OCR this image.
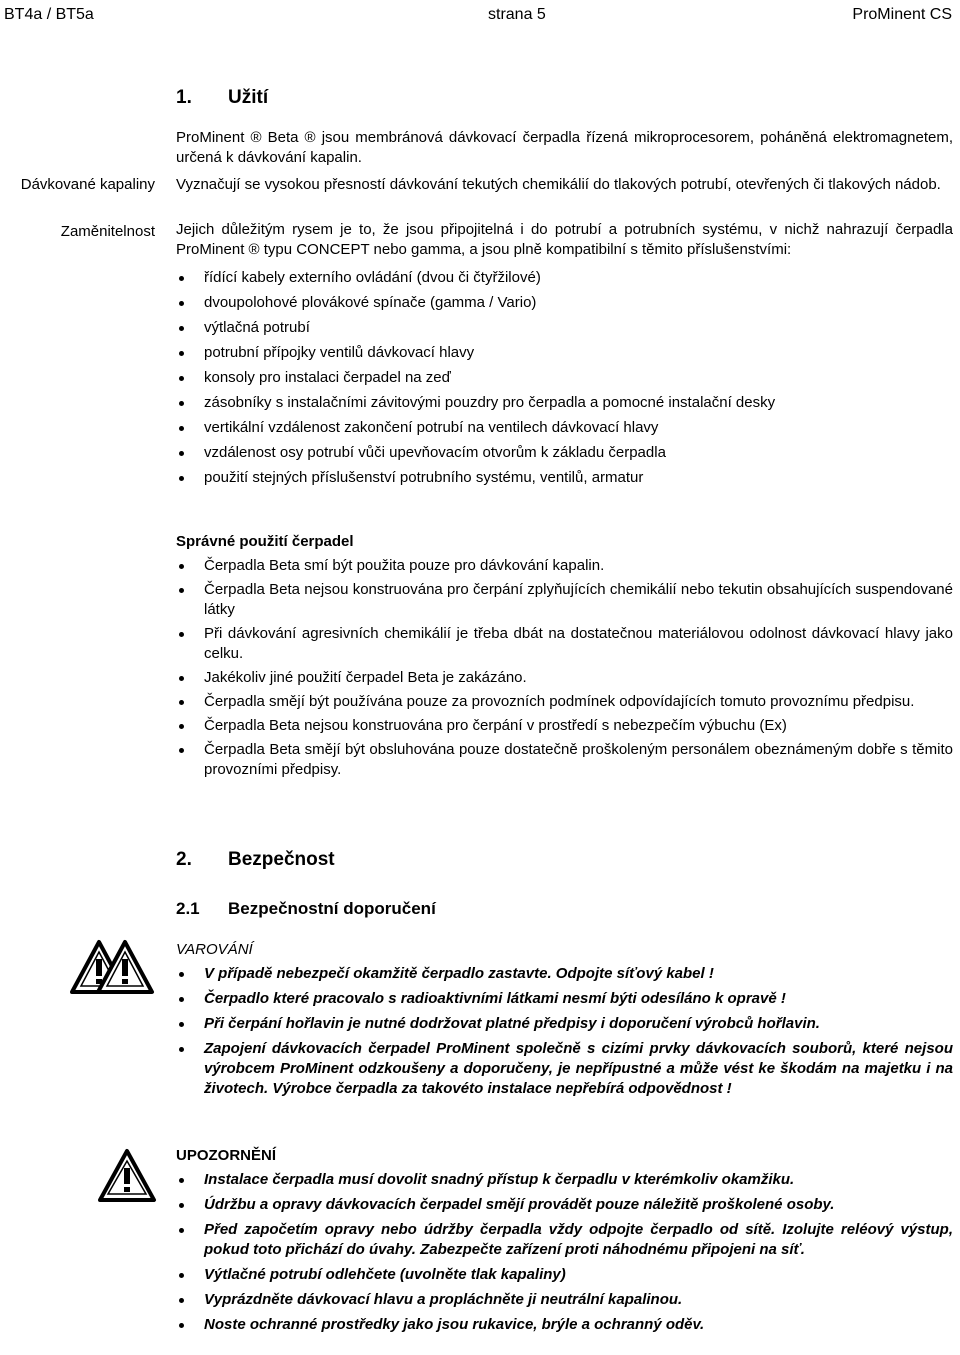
BT4a / BT5a	strana 5	ProMinent CS
1. Užití
ProMinent ® Beta ® jsou membránová dávkovací čerpadla řízená mikroprocesorem, poháněná elektromagnetem, určená k dávkování kapalin.
Dávkované kapaliny Vyznačují se vysokou přesností dávkování tekutých chemikálií do tlakových potrubí, otevřených či tlakových nádob.
Zaměnitelnost Jejich důležitým rysem je to, že jsou připojitelná i do potrubí a potrubních systému, v nichž nahrazují čerpadla ProMinent ® typu CONCEPT nebo gamma, a jsou plně kompatibilní s těmito příslušenstvími:
řídící kabely externího ovládání (dvou či čtyřžilové)
dvoupolohové plovákové spínače (gamma / Vario)
výtlačná potrubí
potrubní přípojky ventilů dávkovací hlavy
konsoly pro instalaci čerpadel na zeď
zásobníky s instalačními závitovými pouzdry pro čerpadla a pomocné instalační desky
vertikální vzdálenost zakončení potrubí na ventilech dávkovací hlavy
vzdálenost osy potrubí vůči upevňovacím otvorům k základu čerpadla
použití stejných příslušenství potrubního systému, ventilů, armatur
Správné použití čerpadel
Čerpadla Beta smí být použita pouze pro dávkování kapalin.
Čerpadla Beta nejsou konstruována pro čerpání zplyňujících chemikálií nebo tekutin obsahujících suspendované látky
Při dávkování agresivních chemikálií je třeba dbát na dostatečnou materiálovou odolnost dávkovací hlavy jako celku.
Jakékoliv jiné použití čerpadel Beta je zakázáno.
Čerpadla smějí být používána pouze za provozních podmínek odpovídajících tomuto provoznímu předpisu.
Čerpadla Beta nejsou konstruována pro čerpání v prostředí s nebezpečím výbuchu (Ex)
Čerpadla Beta smějí být obsluhována pouze dostatečně proškoleným personálem obeznámeným dobře s těmito provozními předpisy.
2. Bezpečnost
2.1 Bezpečnostní doporučení
VAROVÁNÍ
V případě nebezpečí okamžitě čerpadlo zastavte. Odpojte síťový kabel !
Čerpadlo které pracovalo s radioaktivními látkami nesmí býti odesíláno k opravě !
Při čerpání hořlavin je nutné dodržovat platné předpisy i doporučení výrobců hořlavin.
Zapojení dávkovacích čerpadel ProMinent společně s cizími prvky dávkovacích souborů, které nejsou výrobcem ProMinent odzkoušeny a doporučeny, je nepřípustné a může vést ke škodám na majetku i na životech. Výrobce čerpadla za takovéto instalace nepřebírá odpovědnost !
UPOZORNĚNÍ
Instalace čerpadla musí dovolit snadný přístup k čerpadlu v kterémkoliv okamžiku.
Údržbu a opravy dávkovacích čerpadel smějí provádět pouze náležitě proškolené osoby.
Před započetím opravy nebo údržby čerpadla vždy odpojte čerpadlo od sítě. Izolujte reléový výstup, pokud toto přichází do úvahy. Zabezpečte zařízení proti náhodnému připojeni na síť.
Výtlačné potrubí odlehčete (uvolněte tlak kapaliny)
Vyprázdněte dávkovací hlavu a propláchněte ji neutrální kapalinou.
Noste ochranné prostředky jako jsou rukavice, brýle a ochranný oděv.
